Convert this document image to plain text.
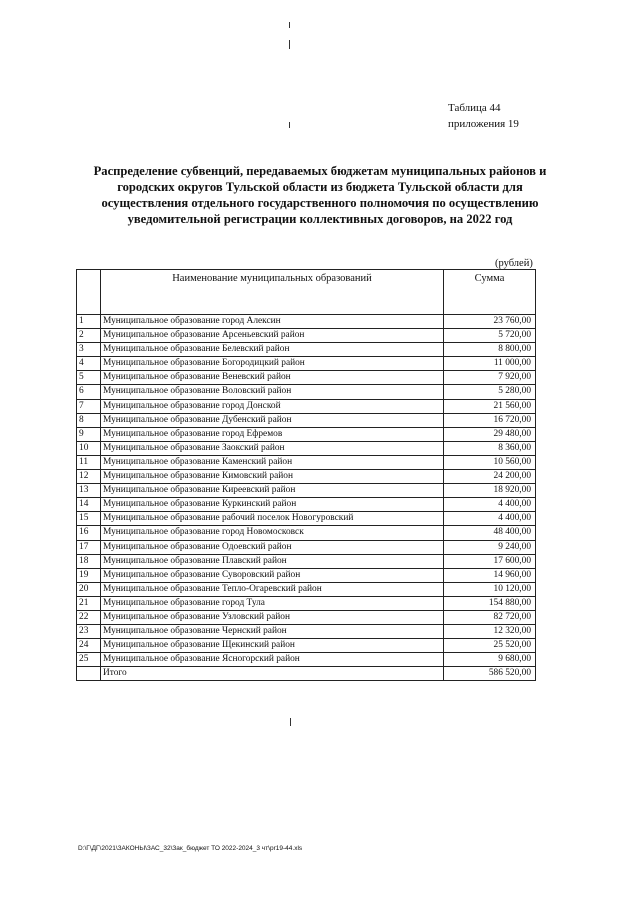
Таблица 44
приложения 19
Распределение субвенций, передаваемых бюджетам муниципальных районов и городских округов Тульской области из бюджета Тульской области для осуществления отдельного государственного полномочия по осуществлению уведомительной регистрации коллективных договоров, на 2022 год
(рублей)
	Наименование муниципальных образований	Сумма
1	Муниципальное образование город Алексин	23 760,00
2	Муниципальное образование Арсеньевский район	5 720,00
3	Муниципальное образование Белевский район	8 800,00
4	Муниципальное образование Богородицкий район	11 000,00
5	Муниципальное образование Веневский район	7 920,00
6	Муниципальное образование Воловский район	5 280,00
7	Муниципальное образование город Донской	21 560,00
8	Муниципальное образование Дубенский район	16 720,00
9	Муниципальное образование город Ефремов	29 480,00
10	Муниципальное образование Заокский район	8 360,00
11	Муниципальное образование Каменский район	10 560,00
12	Муниципальное образование Кимовский район	24 200,00
13	Муниципальное образование Киреевский район	18 920,00
14	Муниципальное образование Куркинский район	4 400,00
15	Муниципальное образование рабочий поселок Новогуровский	4 400,00
16	Муниципальное образование город Новомосковск	48 400,00
17	Муниципальное образование Одоевский район	9 240,00
18	Муниципальное образование Плавский район	17 600,00
19	Муниципальное образование Суворовский район	14 960,00
20	Муниципальное образование Тепло-Огаревский район	10 120,00
21	Муниципальное образование город Тула	154 880,00
22	Муниципальное образование Узловский район	82 720,00
23	Муниципальное образование Чернский район	12 320,00
24	Муниципальное образование Щекинский район	25 520,00
25	Муниципальное образование Ясногорский район	9 680,00
	Итого	586 520,00
D:\Г\ДГ\2021\ЗАКОНЫ\ЗАС_32\Зак_бюджет ТО 2022-2024_3 чт\pr19-44.xls
